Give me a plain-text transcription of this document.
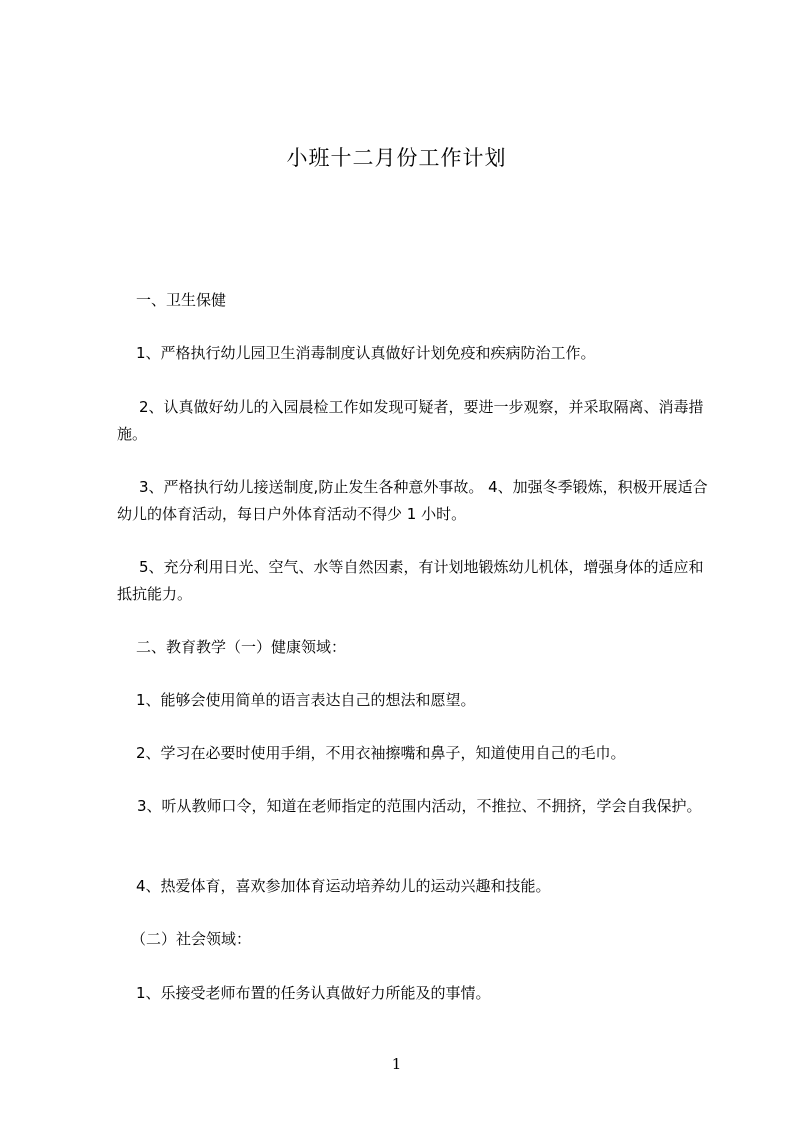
小班十二月份工作计划

一、卫生保健

1、严格执行幼儿园卫生消毒制度认真做好计划免疫和疾病防治工作。

2、认真做好幼儿的入园晨检工作如发现可疑者，要进一步观察，并采取隔离、消毒措施。

3、严格执行幼儿接送制度,防止发生各种意外事故。 4、加强冬季锻炼，积极开展适合幼儿的体育活动，每日户外体育活动不得少 1 小时。

5、充分利用日光、空气、水等自然因素，有计划地锻炼幼儿机体，增强身体的适应和抵抗能力。

二、教育教学（一）健康领域：

1、能够会使用简单的语言表达自己的想法和愿望。

2、学习在必要时使用手绢，不用衣袖擦嘴和鼻子，知道使用自己的毛巾。

3、听从教师口令，知道在老师指定的范围内活动，不推拉、不拥挤，学会自我保护。

4、热爱体育，喜欢参加体育运动培养幼儿的运动兴趣和技能。

（二）社会领域：

1、乐接受老师布置的任务认真做好力所能及的事情。

1
